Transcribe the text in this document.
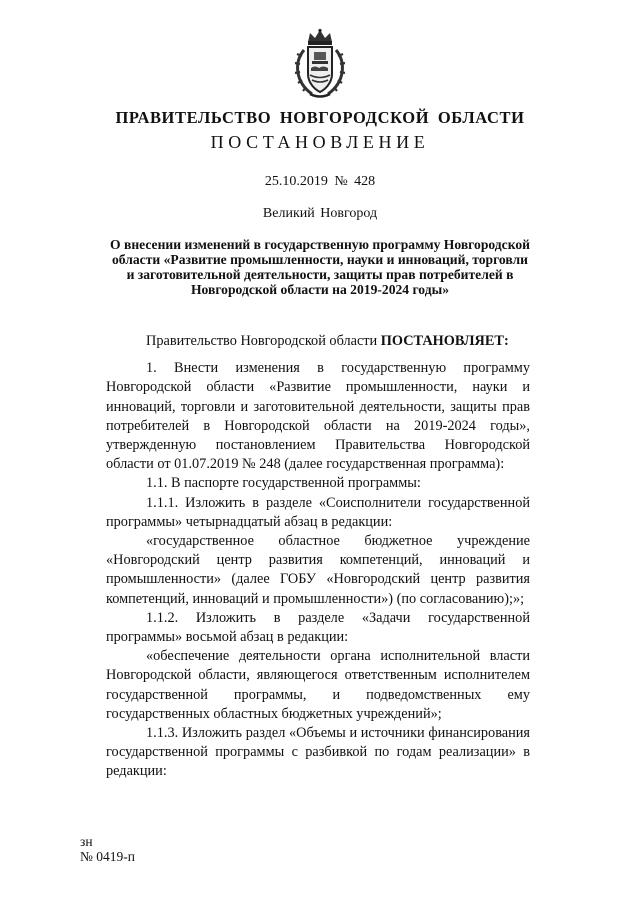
ПРАВИТЕЛЬСТВО НОВГОРОДСКОЙ ОБЛАСТИ
ПОСТАНОВЛЕНИЕ
25.10.2019 № 428
Великий Новгород
О внесении изменений в государственную программу Новгородской области «Развитие промышленности, науки и инноваций, торговли и заготовительной деятельности, защиты прав потребителей в Новгородской области на 2019-2024 годы»

Правительство Новгородской области ПОСТАНОВЛЯЕТ:

1. Внести изменения в государственную программу Новгородской области «Развитие промышленности, науки и инноваций, торговли и заготовительной деятельности, защиты прав потребителей в Новгородской области на 2019-2024 годы», утвержденную постановлением Правительства Новгородской области от 01.07.2019 № 248 (далее государственная программа):

1.1. В паспорте государственной программы:

1.1.1. Изложить в разделе «Соисполнители государственной программы» четырнадцатый абзац в редакции:

«государственное областное бюджетное учреждение «Новгородский центр развития компетенций, инноваций и промышленности» (далее ГОБУ «Новгородский центр развития компетенций, инноваций и промышленности») (по согласованию);»;

1.1.2. Изложить в разделе «Задачи государственной программы» восьмой абзац в редакции:

«обеспечение деятельности органа исполнительной власти Новгородской области, являющегося ответственным исполнителем государственной программы, и подведомственных ему государственных областных бюджетных учреждений»;

1.1.3. Изложить раздел «Объемы и источники финансирования государственной программы с разбивкой по годам реализации» в редакции:

зн
№ 0419-п
